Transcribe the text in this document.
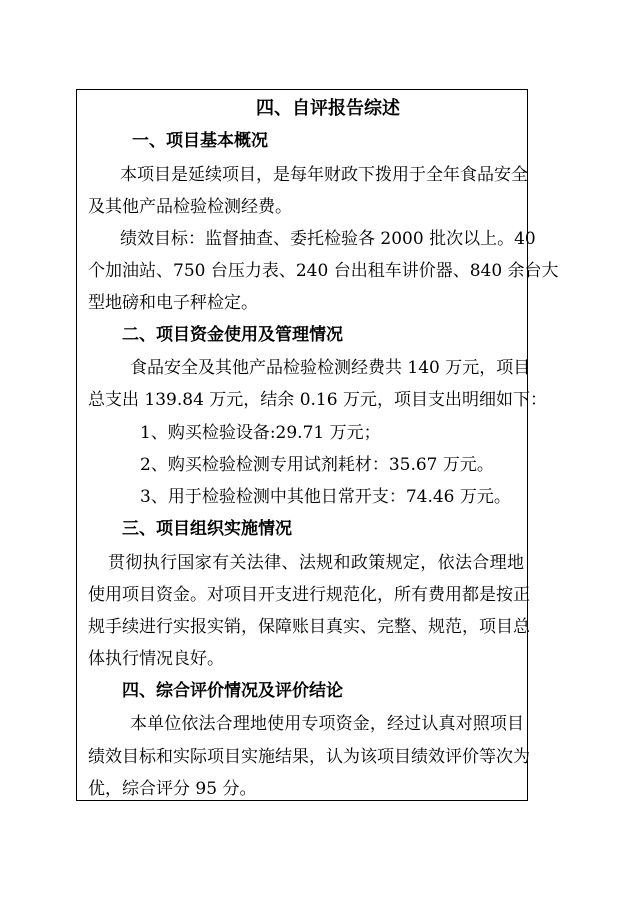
四、自评报告综述
一、项目基本概况
本项目是延续项目，是每年财政下拨用于全年食品安全
及其他产品检验检测经费。
绩效目标：监督抽查、委托检验各 2000 批次以上。40
个加油站、750 台压力表、240 台出租车讲价器、840 余台大
型地磅和电子秤检定。
二、项目资金使用及管理情况
食品安全及其他产品检验检测经费共 140 万元，项目
总支出 139.84 万元，结余 0.16 万元，项目支出明细如下：
1、购买检验设备:29.71 万元；
2、购买检验检测专用试剂耗材：35.67 万元。
3、用于检验检测中其他日常开支：74.46 万元。
三、项目组织实施情况
贯彻执行国家有关法律、法规和政策规定，依法合理地
使用项目资金。对项目开支进行规范化，所有费用都是按正
规手续进行实报实销，保障账目真实、完整、规范，项目总
体执行情况良好。
四、综合评价情况及评价结论
本单位依法合理地使用专项资金，经过认真对照项目
绩效目标和实际项目实施结果，认为该项目绩效评价等次为
优，综合评分 95 分。
